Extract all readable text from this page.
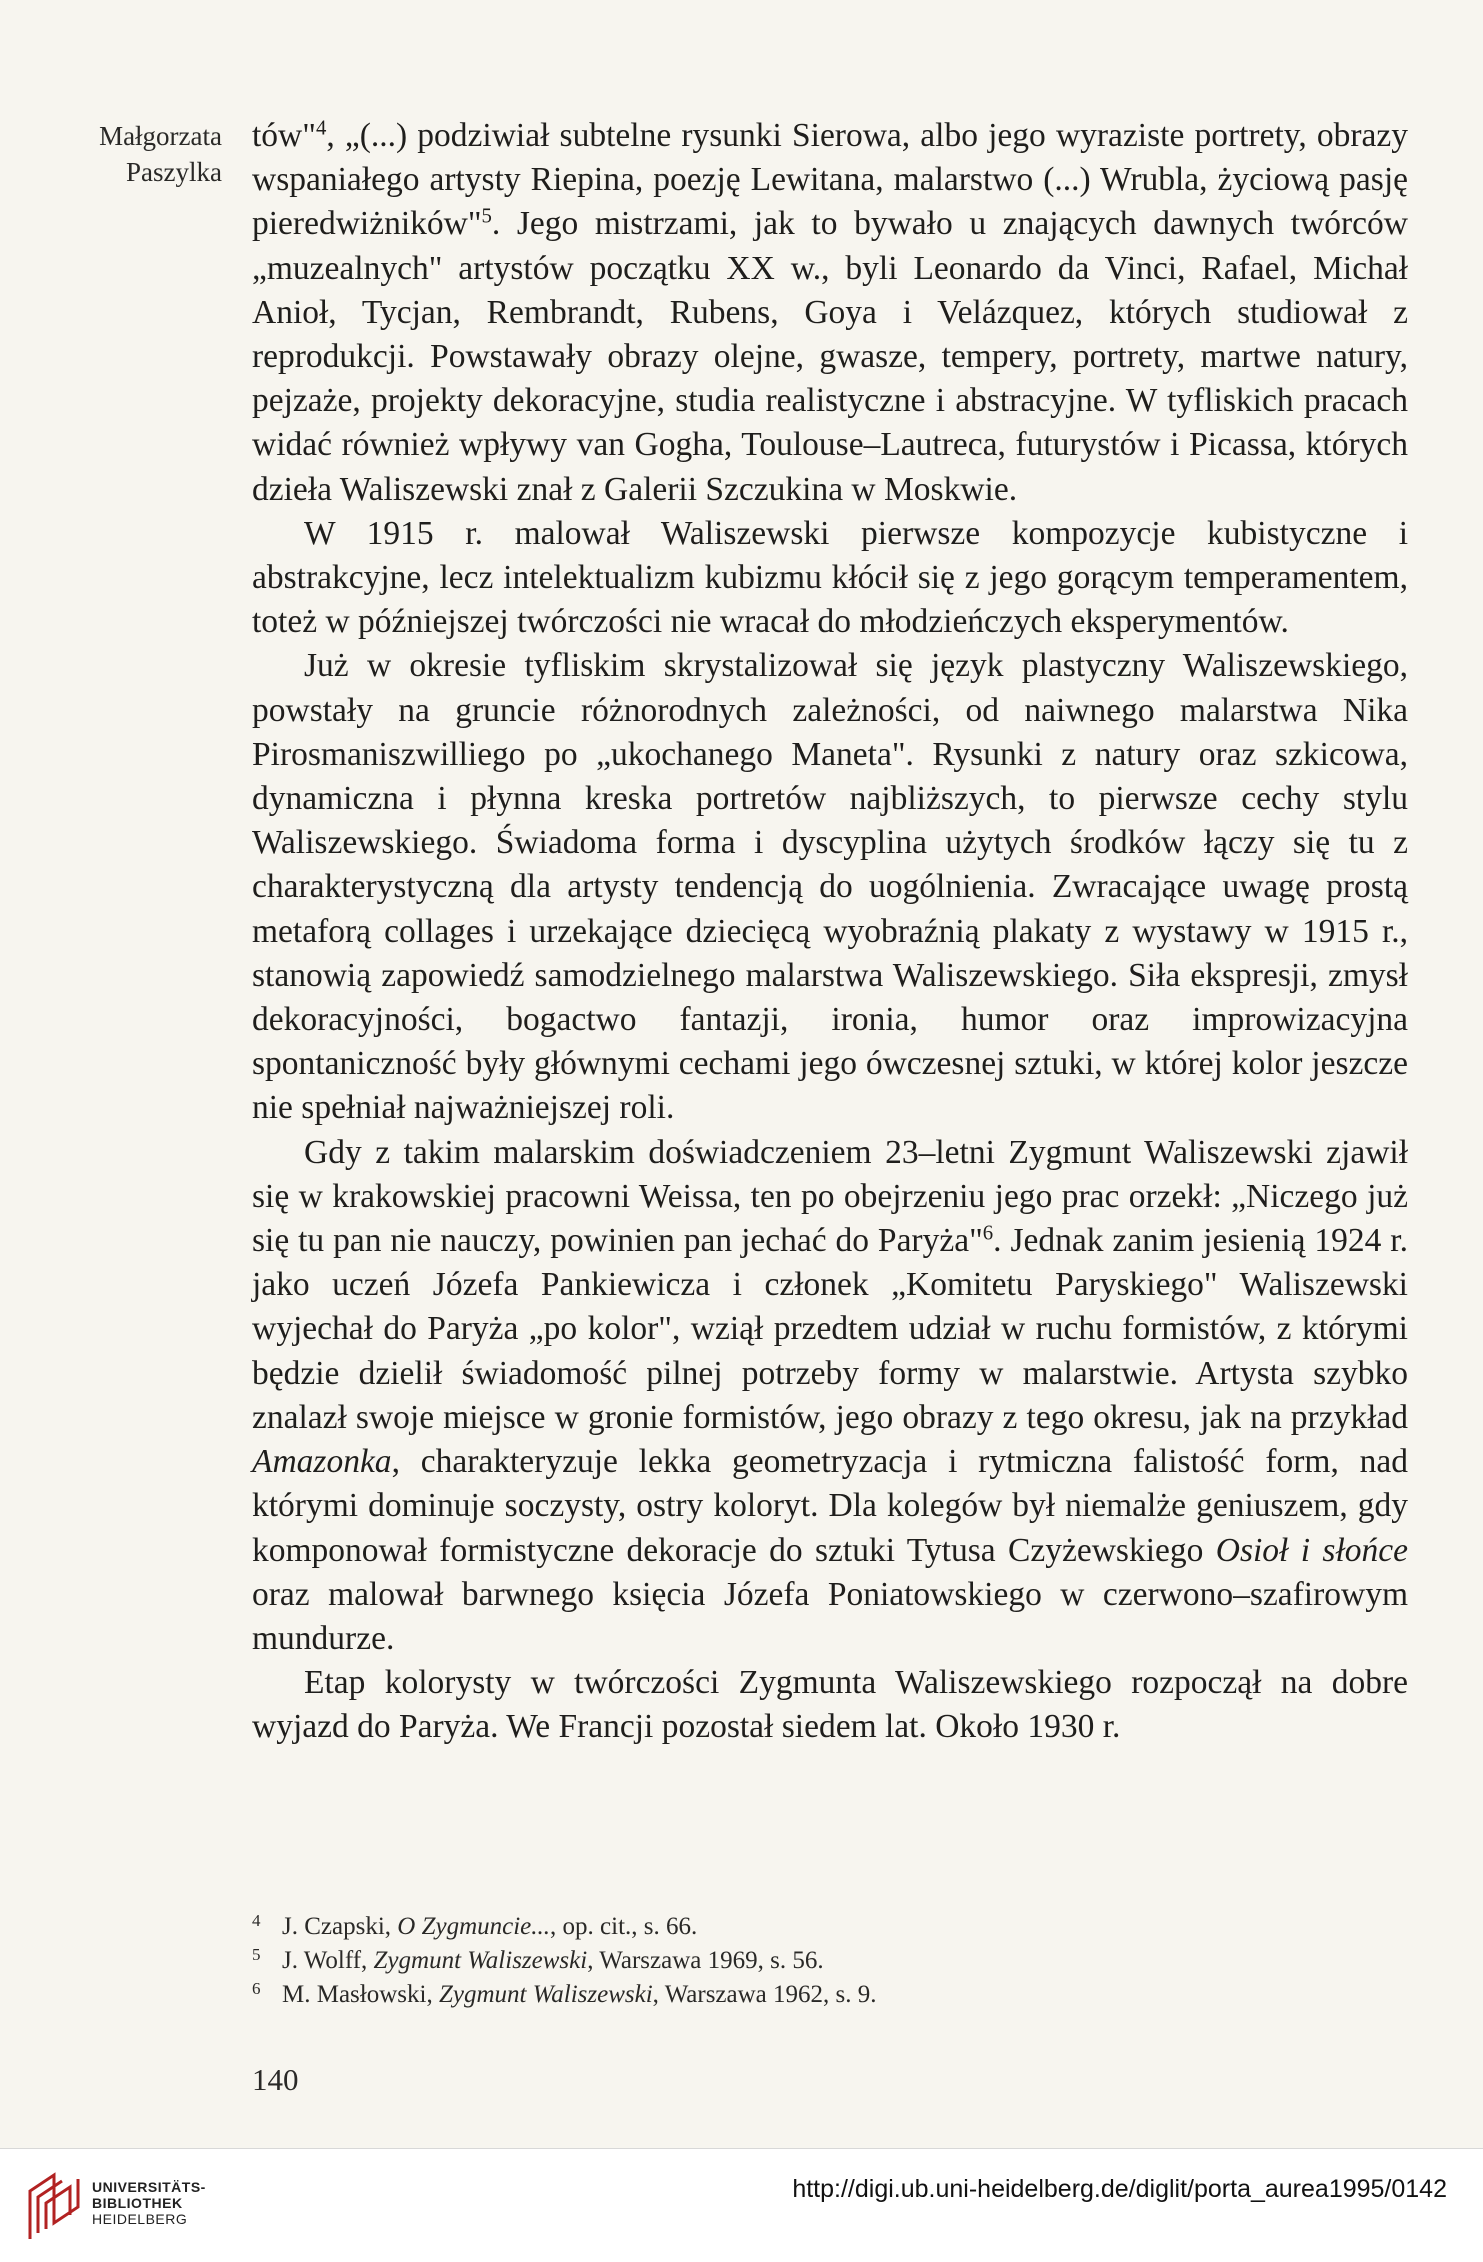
Małgorzata
Paszylka

tów"$^4$, „(...) podziwiał subtelne rysunki Sierowa, albo jego wyraziste portrety, obrazy wspaniałego artysty Riepina, poezję Lewitana, malarstwo (...) Wrubla, życiową pasję pieredwiżników"$^5$. Jego mistrzami, jak to bywało u znających dawnych twórców „muzealnych" artystów początku XX w., byli Leonardo da Vinci, Rafael, Michał Anioł, Tycjan, Rembrandt, Rubens, Goya i Velázquez, których studiował z reprodukcji. Powstawały obrazy olejne, gwasze, tempery, portrety, martwe natury, pejzaże, projekty dekoracyjne, studia realistyczne i abstracyjne. W tyfliskich pracach widać również wpływy van Gogha, Toulouse–Lautreca, futurystów i Picassa, których dzieła Waliszewski znał z Galerii Szczukina w Moskwie.

W 1915 r. malował Waliszewski pierwsze kompozycje kubistyczne i abstrakcyjne, lecz intelektualizm kubizmu kłócił się z jego gorącym temperamentem, toteż w późniejszej twórczości nie wracał do młodzieńczych eksperymentów.

Już w okresie tyfliskim skrystalizował się język plastyczny Waliszewskiego, powstały na gruncie różnorodnych zależności, od naiwnego malarstwa Nika Pirosmaniszwilliego po „ukochanego Maneta". Rysunki z natury oraz szkicowa, dynamiczna i płynna kreska portretów najbliższych, to pierwsze cechy stylu Waliszewskiego. Świadoma forma i dyscyplina użytych środków łączy się tu z charakterystyczną dla artysty tendencją do uogólnienia. Zwracające uwagę prostą metaforą collages i urzekające dziecięcą wyobraźnią plakaty z wystawy w 1915 r., stanowią zapowiedź samodzielnego malarstwa Waliszewskiego. Siła ekspresji, zmysł dekoracyjności, bogactwo fantazji, ironia, humor oraz improwizacyjna spontaniczność były głównymi cechami jego ówczesnej sztuki, w której kolor jeszcze nie spełniał najważniejszej roli.

Gdy z takim malarskim doświadczeniem 23–letni Zygmunt Waliszewski zjawił się w krakowskiej pracowni Weissa, ten po obejrzeniu jego prac orzekł: „Niczego już się tu pan nie nauczy, powinien pan jechać do Paryża"$^6$. Jednak zanim jesienią 1924 r. jako uczeń Józefa Pankiewicza i członek „Komitetu Paryskiego" Waliszewski wyjechał do Paryża „po kolor", wziął przedtem udział w ruchu formistów, z którymi będzie dzielił świadomość pilnej potrzeby formy w malarstwie. Artysta szybko znalazł swoje miejsce w gronie formistów, jego obrazy z tego okresu, jak na przykład Amazonka, charakteryzuje lekka geometryzacja i rytmiczna falistość form, nad którymi dominuje soczysty, ostry koloryt. Dla kolegów był niemalże geniuszem, gdy komponował formistyczne dekoracje do sztuki Tytusa Czyżewskiego Osioł i słońce oraz malował barwnego księcia Józefa Poniatowskiego w czerwono–szafirowym mundurze.

Etap kolorysty w twórczości Zygmunta Waliszewskiego rozpoczął na dobre wyjazd do Paryża. We Francji pozostał siedem lat. Około 1930 r.

4 J. Czapski, O Zygmuncie..., op. cit., s. 66.
5 J. Wolff, Zygmunt Waliszewski, Warszawa 1969, s. 56.
6 M. Masłowski, Zygmunt Waliszewski, Warszawa 1962, s. 9.
140
UNIVERSITÄTS-
BIBLIOTHEK
HEIDELBERG
http://digi.ub.uni-heidelberg.de/diglit/porta_aurea1995/0142
